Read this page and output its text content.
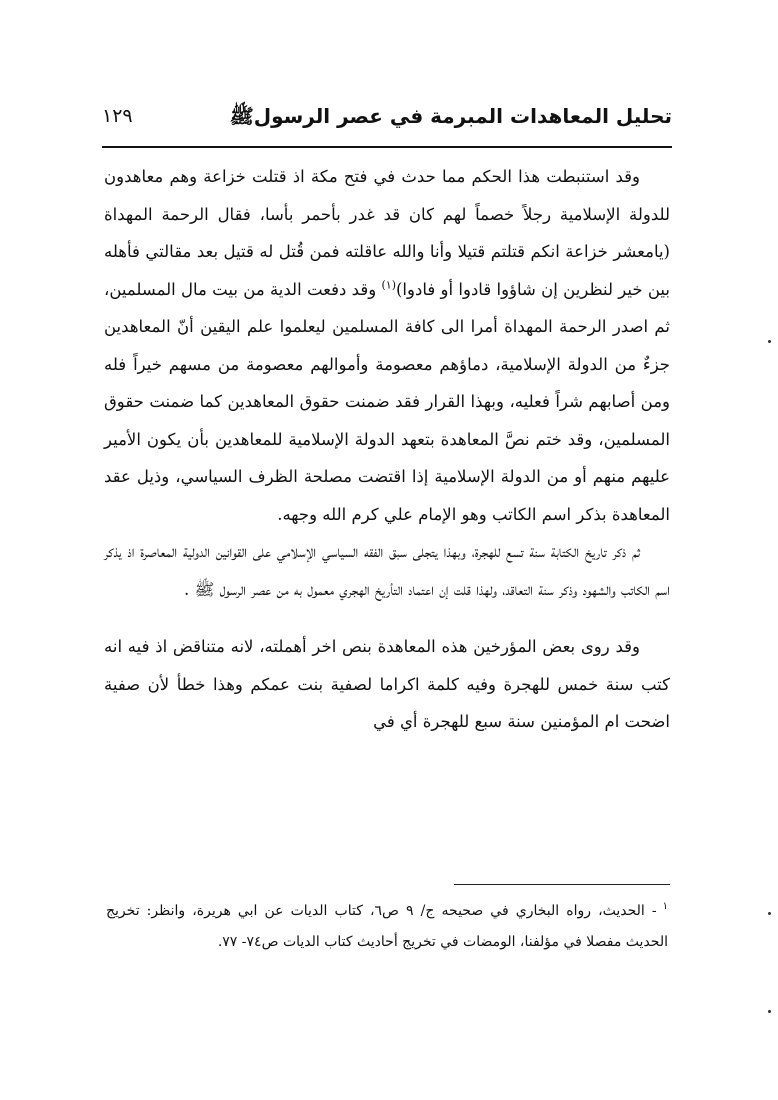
تحليل المعاهدات المبرمة في عصر الرسولﷺ
١٢٩

وقد استنبطت هذا الحكم مما حدث في فتح مكة اذ قتلت خزاعة وهم معاهدون للدولة الإسلامية رجلاً خصماً لهم كان قد غدر بأحمر بأسا، فقال الرحمة المهداة (يامعشر خزاعة انكم قتلتم قتيلا وأنا والله عاقلته فمن قُتل له قتيل بعد مقالتي فأهله بين خير لنظرين إن شاؤوا قادوا أو فادوا)$^{(١)}$ وقد دفعت الدية من بيت مال المسلمين، ثم اصدر الرحمة المهداة أمرا الى كافة المسلمين ليعلموا علم اليقين أنّ المعاهدين جزءٌ من الدولة الإسلامية، دماؤهم معصومة وأموالهم معصومة من مسهم خيراً فله ومن أصابهم شراً فعليه، وبهذا القرار فقد ضمنت حقوق المعاهدين كما ضمنت حقوق المسلمين، وقد ختم نصَّ المعاهدة بتعهد الدولة الإسلامية للمعاهدين بأن يكون الأمير عليهم منهم أو من الدولة الإسلامية إذا اقتضت مصلحة الظرف السياسي، وذيل عقد المعاهدة بذكر اسم الكاتب وهو الإمام علي كرم الله وجهه.

ثم ذكر تاريخ الكتابة سنة تسع للهجرة، وبهذا يتجلى سبق الفقه السياسي الإسلامي على القوانين الدولية المعاصرة اذ يذكر اسم الكاتب والشهود وذكر سنة التعاقد، ولهذا قلت إن اعتماد التأريخ الهجري معمول به من عصر الرسول ﷺ .

وقد روى بعض المؤرخين هذه المعاهدة بنص اخر أهملته، لانه متناقض اذ فيه انه كتب سنة خمس للهجرة وفيه كلمة اكراما لصفية بنت عمكم وهذا خطأ لأن صفية اضحت ام المؤمنين سنة سبع للهجرة أي في

$^١$- الحديث، رواه البخاري في صحيحه ج/ ٩ ص٦، كتاب الديات عن ابي هريرة، وانظر: تخريج الحديث مفصلا في مؤلفنا، الومضات في تخريج أحاديث كتاب الديات ص٧٤- ٧٧.
